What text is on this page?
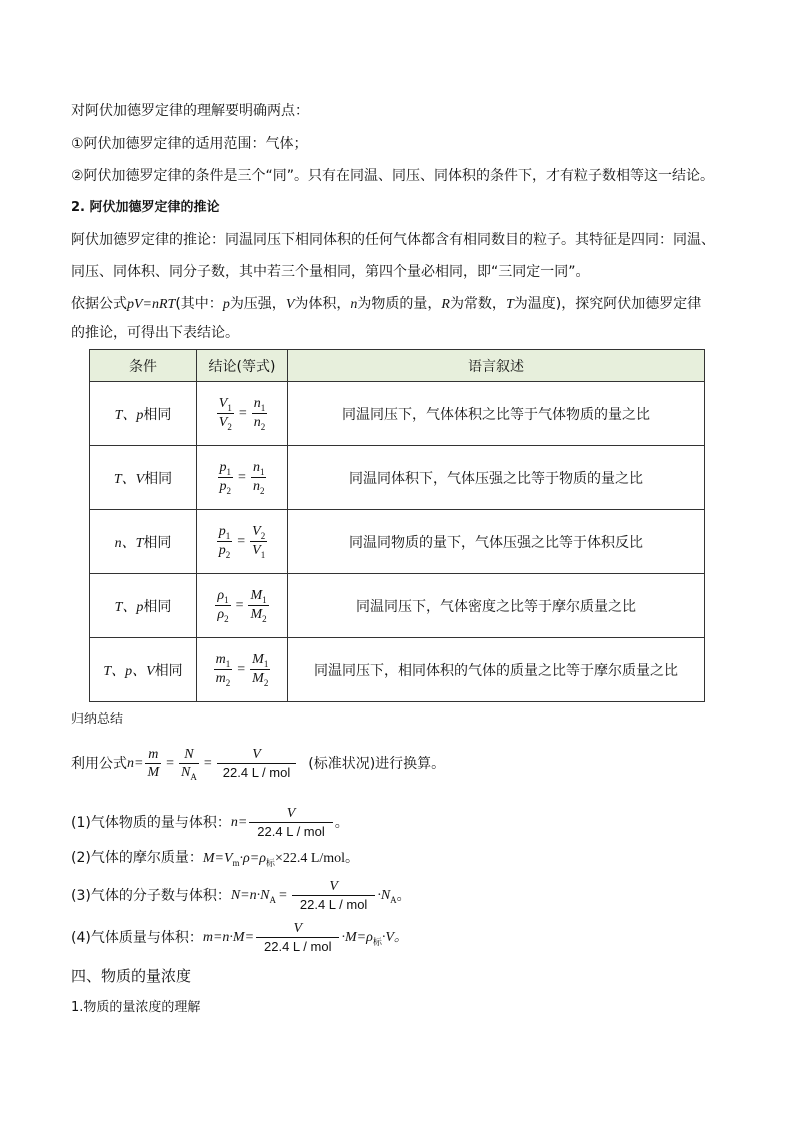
对阿伏加德罗定律的理解要明确两点：
①阿伏加德罗定律的适用范围：气体；
②阿伏加德罗定律的条件是三个“同”。只有在同温、同压、同体积的条件下，才有粒子数相等这一结论。
2. 阿伏加德罗定律的推论
阿伏加德罗定律的推论：同温同压下相同体积的任何气体都含有相同数目的粒子。其特征是四同：同温、
同压、同体积、同分子数，其中若三个量相同，第四个量必相同，即“三同定一同”。
依据公式pV=nRT(其中：p为压强，V为体积，n为物质的量，R为常数，T为温度)，探究阿伏加德罗定律
的推论，可得出下表结论。
条件	结论(等式)	语言叙述
T、p相同	$\frac{V_1}{V_2} = \frac{n_1}{n_2}$	同温同压下，气体体积之比等于气体物质的量之比
T、V相同	$\frac{p_1}{p_2} = \frac{n_1}{n_2}$	同温同体积下，气体压强之比等于物质的量之比
n、T相同	$\frac{p_1}{p_2} = \frac{V_2}{V_1}$	同温同物质的量下，气体压强之比等于体积反比
T、p相同	$\frac{\rho_1}{\rho_2} = \frac{M_1}{M_2}$	同温同压下，气体密度之比等于摩尔质量之比
T、p、V相同	$\frac{m_1}{m_2} = \frac{M_1}{M_2}$	同温同压下，相同体积的气体的质量之比等于摩尔质量之比
归纳总结
利用公式 $n= \frac{m}{M} = \frac{N}{N_A} = \frac{V}{\text{22.4 L / mol}}$ (标准状况)进行换算。
(1)气体物质的量与体积： $n= \frac{V}{\text{22.4 L / mol}}$ 。
(2)气体的摩尔质量：$M=V_m\cdot\rho=\rho_标\times 22.4$ L/mol。
(3)气体的分子数与体积： N=n·N $A = \frac{V}{\text{22.4 L / mol}} \cdot N$ A 。
(4)气体质量与体积： $m=n\cdot M= \frac{V}{\text{22.4 L / mol}} \cdot M=\rho$ 标 ·V。
四、物质的量浓度
1.物质的量浓度的理解
